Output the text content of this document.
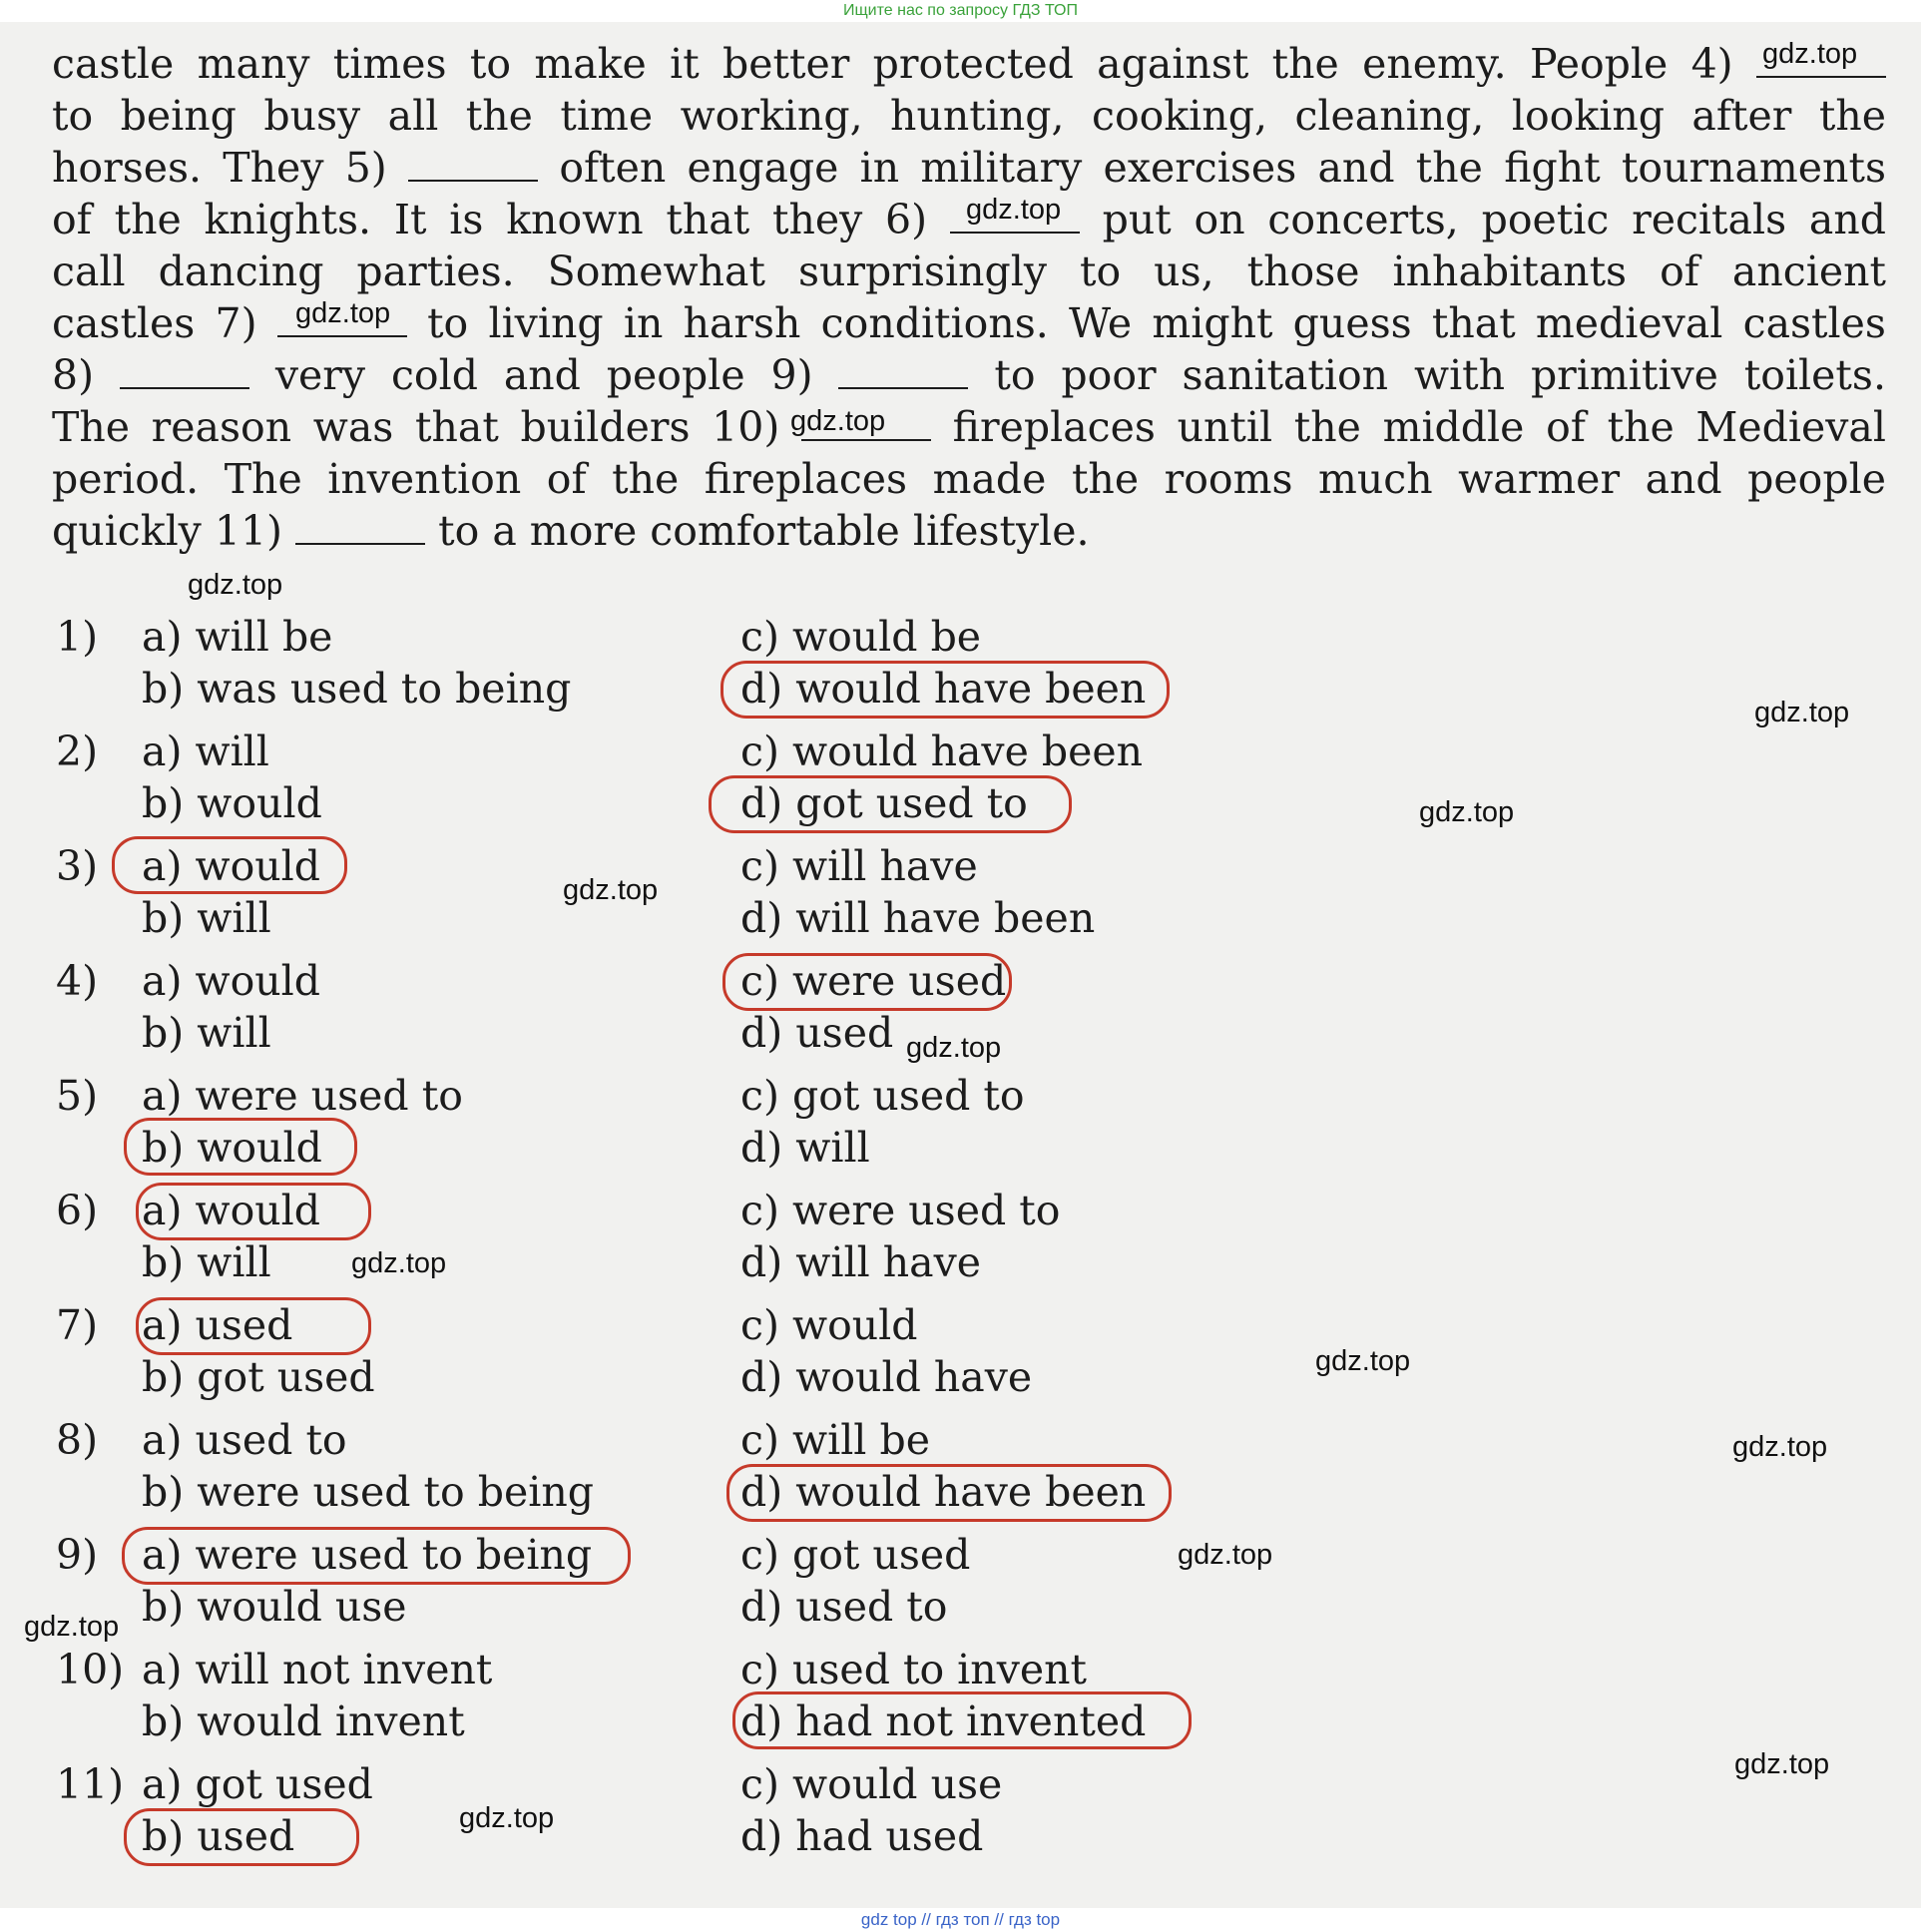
Ищите нас по запросу ГДЗ ТОП
castle many times to make it better protected against the enemy. People 4)
to being busy all the time working, hunting, cooking, cleaning, looking after the
horses. They 5)	often engage in military exercises and the fight tournaments
of the knights. It is known that they 6)	put on concerts, poetic recitals and
call dancing parties. Somewhat surprisingly to us, those inhabitants of ancient
castles 7)	to living in harsh conditions. We might guess that medieval castles
8)	very cold and people 9)	to poor sanitation with primitive toilets.
The reason was that builders 10)	fireplaces until the middle of the Medieval
period. The invention of the fireplaces made the rooms much warmer and people
quickly 11)	to a more comfortable lifestyle.
1) a) will be
b) was used to being
c) would be
d) would have been
2) a) will
b) would
c) would have been
d) got used to
3) a) would
b) will
c) will have
d) will have been
4) a) would
b) will
c) were used
d) used
5) a) were used to
b) would
c) got used to
d) will
6) a) would
b) will
c) were used to
d) will have
7) a) used
b) got used
c) would
d) would have
8) a) used to
b) were used to being
c) will be
d) would have been
9) a) were used to being
b) would use
c) got used
d) used to
10) a) will not invent
b) would invent
c) used to invent
d) had not invented
11) a) got used
b) used
c) would use
d) had used
gdz.top
gdz.top
gdz.top
gdz.top
gdz.top
gdz.top
gdz.top
gdz.top
gdz.top
gdz.top
gdz.top
gdz.top
gdz.top
gdz.top
gdz.top
gdz.top
gdz top // гдз топ // гдз top
